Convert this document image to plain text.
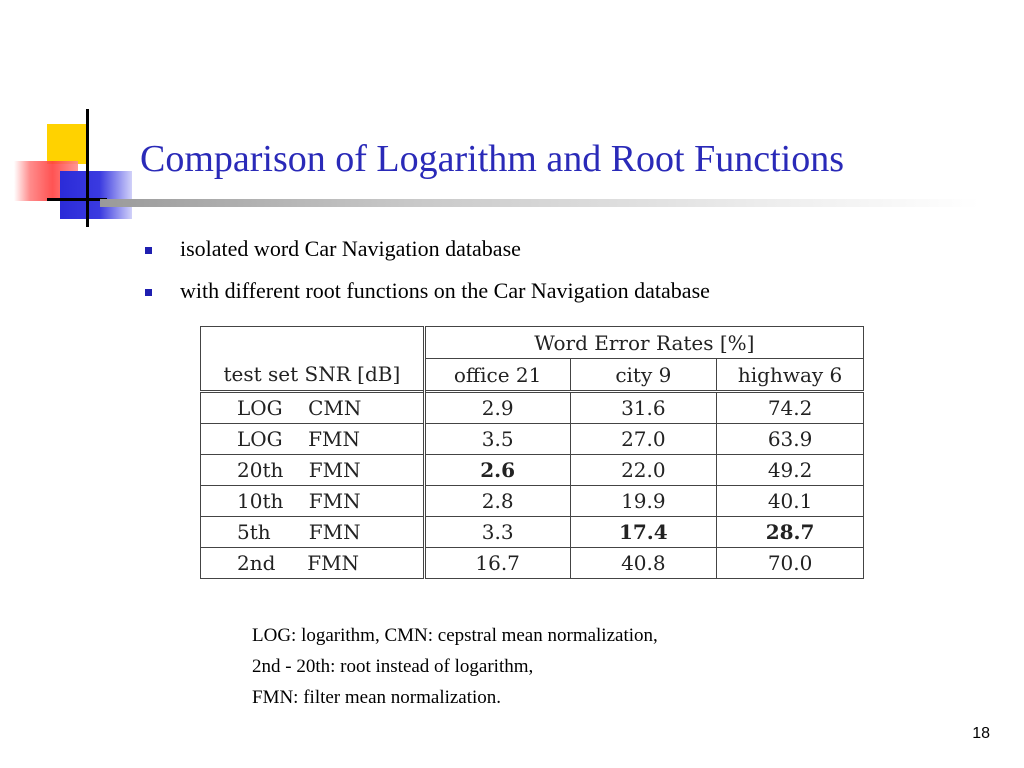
Comparison of Logarithm and Root Functions
isolated word Car Navigation database
with different root functions on the Car Navigation database
test set SNR [dB]	Word Error Rates [%]		
	office 21	city 9	highway 6
LOG    CMN	2.9	31.6	74.2
LOG    FMN	3.5	27.0	63.9
20th    FMN	2.6	22.0	49.2
10th    FMN	2.8	19.9	40.1
5th      FMN	3.3	17.4	28.7
2nd     FMN	16.7	40.8	70.0
LOG: logarithm, CMN: cepstral mean normalization,
2nd - 20th: root instead of logarithm,
FMN: filter mean normalization.
18
